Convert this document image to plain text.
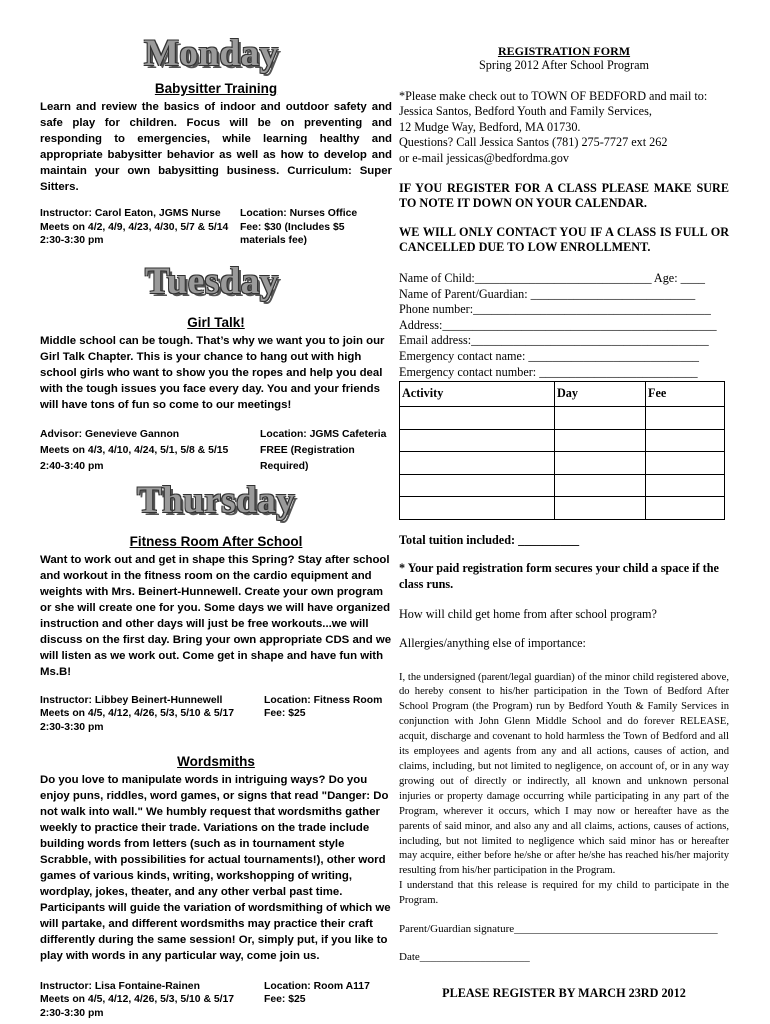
Monday
Babysitter Training

Learn and review the basics of indoor and outdoor safety and safe play for children. Focus will be on preventing and responding to emergencies, while learning healthy and appropriate babysitter behavior as well as how to develop and maintain your own babysitting business. Curriculum: Super Sitters.

Instructor: Carol Eaton, JGMS Nurse
Meets on 4/2, 4/9, 4/23, 4/30, 5/7 & 5/14
2:30-3:30 pm
Location: Nurses Office
Fee: $30 (Includes $5 materials fee)
Tuesday
Girl Talk!

Middle school can be tough. That’s why we want you to join our Girl Talk Chapter. This is your chance to hang out with high school girls who want to show you the ropes and help you deal with the tough issues you face every day. You and your friends will have tons of fun so come to our meetings!

Advisor: Genevieve Gannon
Meets on 4/3, 4/10, 4/24, 5/1, 5/8 & 5/15
2:40-3:40 pm
Location: JGMS Cafeteria
FREE (Registration Required)
Thursday
Fitness Room After School

Want to work out and get in shape this Spring? Stay after school and workout in the fitness room on the cardio equipment and weights with Mrs. Beinert-Hunnewell. Create your own program or she will create one for you. Some days we will have organized instruction and other days will just be free workouts...we will discuss on the first day. Bring your own appropriate CDS and we will listen as we work out. Come get in shape and have fun with Ms.B!

Instructor: Libbey Beinert-Hunnewell
Meets on 4/5, 4/12, 4/26, 5/3, 5/10 & 5/17
2:30-3:30 pm
Location: Fitness Room
Fee: $25
Wordsmiths

Do you love to manipulate words in intriguing ways? Do you enjoy puns, riddles, word games, or signs that read "Danger: Do not walk into wall." We humbly request that wordsmiths gather weekly to practice their trade. Variations on the trade include building words from letters (such as in tournament style Scrabble, with possibilities for actual tournaments!), other word games of various kinds, writing, workshopping of writing, wordplay, jokes, theater, and any other verbal past time. Participants will guide the variation of wordsmithing of which we will partake, and different wordsmiths may practice their craft differently during the same session! Or, simply put, if you like to play with words in any particular way, come join us.

Instructor: Lisa Fontaine-Rainen
Meets on 4/5, 4/12, 4/26, 5/3, 5/10 & 5/17
2:30-3:30 pm
Location: Room A117
Fee: $25
REGISTRATION FORM
Spring 2012 After School Program
*Please make check out to TOWN OF BEDFORD and mail to:
Jessica Santos, Bedford Youth and Family Services,
12 Mudge Way, Bedford, MA 01730.
Questions? Call Jessica Santos (781) 275-7727 ext 262
or e-mail jessicas@bedfordma.gov
IF YOU REGISTER FOR A CLASS PLEASE MAKE SURE TO NOTE IT DOWN ON YOUR CALENDAR.
WE WILL ONLY CONTACT YOU IF A CLASS IS FULL OR CANCELLED DUE TO LOW ENROLLMENT.
Name of Child:_____________________________ Age: ____
Name of Parent/Guardian: ___________________________
Phone number:_______________________________________
Address:_____________________________________________
Email address:_______________________________________
Emergency contact name: ____________________________
Emergency contact number: __________________________
Activity	Day	Fee

Total tuition included: __________
* Your paid registration form secures your child a space if the class runs.
How will child get home from after school program?
Allergies/anything else of importance:
I, the undersigned (parent/legal guardian) of the minor child registered above, do hereby consent to his/her participation in the Town of Bedford After School Program (the Program) run by Bedford Youth & Family Services in conjunction with John Glenn Middle School and do forever RELEASE, acquit, discharge and covenant to hold harmless the Town of Bedford and all its employees and agents from any and all actions, causes of action, and claims, including, but not limited to negligence, on account of, or in any way growing out of directly or indirectly, all known and unknown personal injuries or property damage occurring while participating in any part of the Program, wherever it occurs, which I may now or hereafter have as the parents of said minor, and also any and all claims, actions, causes of actions, including, but not limited to negligence which said minor has or hereafter may acquire, either before he/she or after he/she has reached his/her majority resulting from his/her participation in the Program.
I understand that this release is required for my child to participate in the Program.
Parent/Guardian signature_____________________________________
Date____________________
PLEASE REGISTER BY MARCH 23RD 2012
